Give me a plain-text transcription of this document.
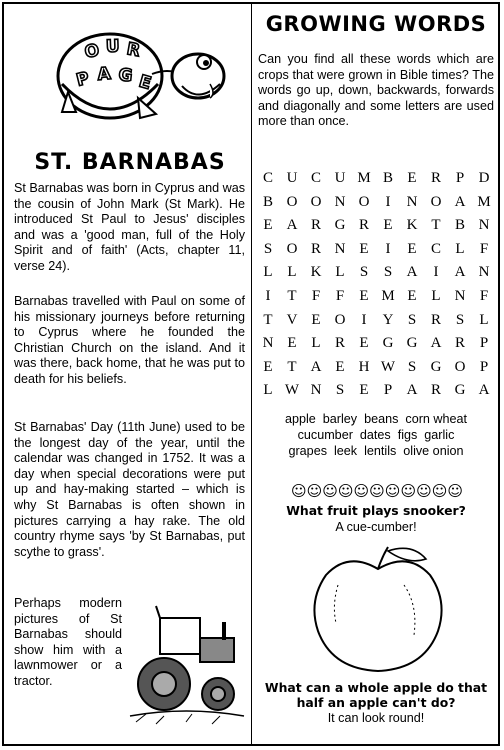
O U R
P A G E
ST. BARNABAS
St Barnabas was born in Cyprus and was the cousin of John Mark (St Mark). He introduced St Paul to Jesus' disciples and was a 'good man, full of the Holy Spirit and of faith' (Acts, chapter 11, verse 24).
Barnabas travelled with Paul on some of his missionary journeys before returning to Cyprus where he founded the Christian Church on the island. And it was there, back home, that he was put to death for his beliefs.
St Barnabas' Day (11th June) used to be the longest day of the year, until the calendar was changed in 1752. It was a day when special decorations were put up and hay-making started – which is why St Barnabas is often shown in pictures carrying a hay rake. The old country rhyme says 'by St Barnabas, put scythe to grass'.
Perhaps modern pictures of St Barnabas should show him with a lawnmower or a tractor.
GROWING WORDS
Can you find all these words which are crops that were grown in Bible times? The words go up, down, backwards, forwards and diagonally and some letters are used more than once.
C U C U M B E R P D
B O O N O	I	N O A M
E A R G R E K T B N
S O R N E	I	E C L	F
L L K L	S	S A	I	A N
I	T	F	F	E M E L N F
T V E O	I	Y S R S	L
N E L R E G G A R P
E T A E H W S G O P
L W N S	E	P A R G A
apple  barley  beans  corn wheat
cucumber  dates  figs  garlic
grapes  leek  lentils  olive onion
☺☺☺☺☺☺☺☺☺☺☺
What fruit plays snooker?
A cue-cumber!
What can a whole apple do that half an apple can't do?
It can look round!
